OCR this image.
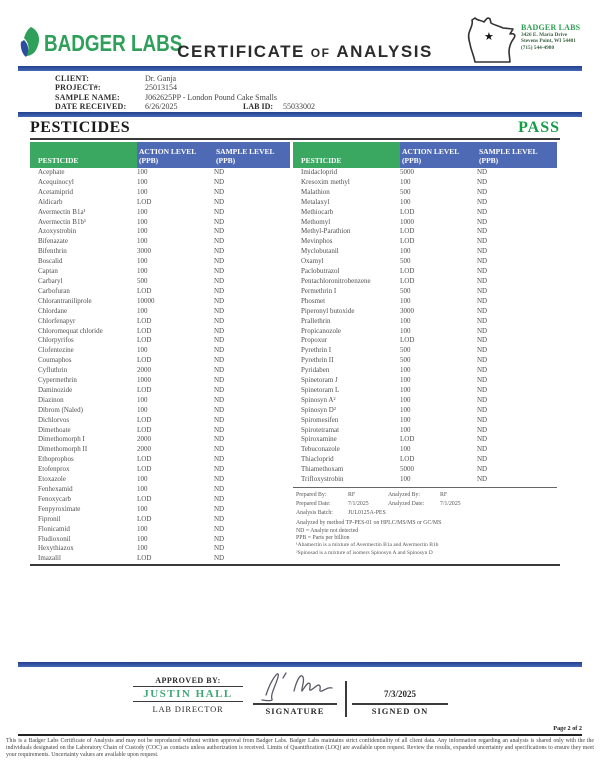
BADGER LABS
CERTIFICATE OF ANALYSIS
★
BADGER LABS
3426 E. Maria Drive
Stevens Point, WI 54481
(715) 544-4980
CLIENT:	Dr. Ganja
PROJECT#:	25013154
SAMPLE NAME:	J062625PP - London Pound Cake Smalls
DATE RECEIVED:	6/26/2025	LAB ID:	55033002
PESTICIDES	PASS
PESTICIDE	
ACTION LEVEL
(PPB)

SAMPLE LEVEL
(PPB)

Acephate	100	ND
Acequinocyl	100	ND
Acetamiprid	100	ND
Aldicarb	LOD	ND
Avermectin B1a¹	100	ND
Avermectin B1b¹	100	ND
Azoxystrobin	100	ND
Bifenazate	100	ND
Bifenthrin	3000	ND
Boscalid	100	ND
Captan	100	ND
Carbaryl	500	ND
Carbofuran	LOD	ND
Chlorantraniliprole	10000	ND
Chlordane	100	ND
Chlorfenapyr	LOD	ND
Chloromequat chloride	LOD	ND
Chlorpyrifos	LOD	ND
Clofentezine	100	ND
Coumaphos	LOD	ND
Cyfluthrin	2000	ND
Cypermethrin	1000	ND
Daminozide	LOD	ND
Diazinon	100	ND
Dibrom (Naled)	100	ND
Dichlorvos	LOD	ND
Dimethoate	LOD	ND
Dimethomorph I	2000	ND
Dimethomorph II	2000	ND
Ethoprophos	LOD	ND
Etofenprox	LOD	ND
Etoxazole	100	ND
Fenhexamid	100	ND
Fenoxycarb	LOD	ND
Fenpyroximate	100	ND
Fipronil	LOD	ND
Flonicamid	100	ND
Fludioxonil	100	ND
Hexythiazox	100	ND
Imazalil	LOD	ND
PESTICIDE	
ACTION LEVEL
(PPB)

SAMPLE LEVEL
(PPB)

Imidacloprid	5000	ND
Kresoxim methyl	100	ND
Malathion	500	ND
Metalaxyl	100	ND
Methiocarb	LOD	ND
Methomyl	1000	ND
Methyl-Parathion	LOD	ND
Mevinphos	LOD	ND
Myclobutanil	100	ND
Oxamyl	500	ND
Paclobutrazol	LOD	ND
Pentachloronitrobenzene	LOD	ND
Permethrin I	500	ND
Phosmet	100	ND
Piperonyl butoxide	3000	ND
Prallethrin	100	ND
Propicanozole	100	ND
Propoxur	LOD	ND
Pyrethrin I	500	ND
Pyrethrin II	500	ND
Pyridaben	100	ND
Spinetoram J	100	ND
Spinetoram L	100	ND
Spinosyn A²	100	ND
Spinosyn D²	100	ND
Spiromesifen	100	ND
Spirotetramat	100	ND
Spiroxamine	LOD	ND
Tebuconazole	100	ND
Thiacloprid	LOD	ND
Thiamethoxam	5000	ND
Trifloxystrobin	100	ND
Prepared By:	RF	Analyzed By:	RF
Prepared Date:	7/1/2025	Analyzed Date:	7/1/2025
Analysis Batch:	JUL0125A-PES
Analyzed by method TP-PES-01 on HPLC/MS/MS or GC/MS
ND = Analyte not detected
PPB = Parts per billion
¹Abamectin is a mixture of Avermectin B1a and Avermectin B1b
²Spinosad is a mixture of isomers Spinosyn A and Spinosyn D
APPROVED BY:
JUSTIN HALL
LAB DIRECTOR	SIGNATURE
7/3/2025
SIGNED ON
Page 2 of 2
This is a Badger Labs Certificate of Analysis and may not be reproduced without written approval from Badger Labs. Badger Labs maintains strict confidentiality of all client data. Any information regarding an analysis is shared only with the the individuals designated on the Laboratory Chain of Custody (COC) as contacts unless authorization is received. Limits of Quantification (LOQ) are available upon request. Review the results, expanded uncertainty and specifications to ensure they meet your requirements. Uncertainty values are available upon request.
